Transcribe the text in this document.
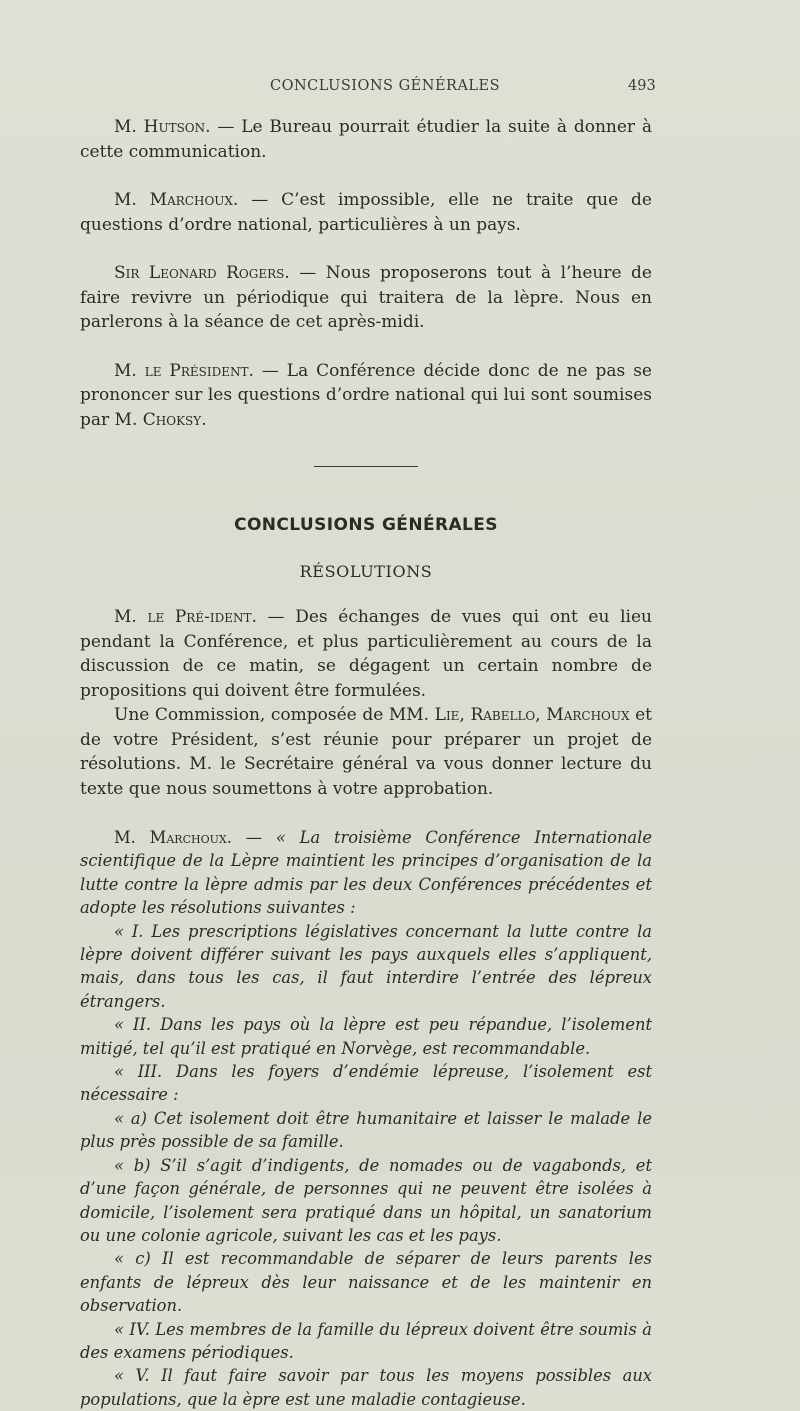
CONCLUSIONS GÉNÉRALES	493

M. Hutson. — Le Bureau pourrait étudier la suite à donner à cette communication.

M. Marchoux. — C’est impossible, elle ne traite que de questions d’ordre national, particulières à un pays.

Sir Leonard Rogers. — Nous proposerons tout à l’heure de faire revivre un périodique qui traitera de la lèpre. Nous en parlerons à la séance de cet après-midi.

M. le Président. — La Conférence décide donc de ne pas se prononcer sur les questions d’ordre national qui lui sont soumises par M. Choksy.

CONCLUSIONS GÉNÉRALES
RÉSOLUTIONS

M. le Pré-ident. — Des échanges de vues qui ont eu lieu pendant la Conférence, et plus particulièrement au cours de la discussion de ce matin, se dégagent un certain nombre de propositions qui doivent être formulées.

Une Commission, composée de MM. Lie, Rabello, Marchoux et de votre Président, s’est réunie pour préparer un projet de résolutions. M. le Secrétaire général va vous donner lecture du texte que nous soumettons à votre approbation.

M. Marchoux. — « La troisième Conférence Internationale scientifique de la Lèpre maintient les principes d’organisation de la lutte contre la lèpre admis par les deux Conférences précédentes et adopte les résolutions suivantes :

« I. Les prescriptions législatives concernant la lutte contre la lèpre doivent différer suivant les pays auxquels elles s’appliquent, mais, dans tous les cas, il faut interdire l’entrée des lépreux étrangers.

« II. Dans les pays où la lèpre est peu répandue, l’isolement mitigé, tel qu’il est pratiqué en Norvège, est recommandable.

« III. Dans les foyers d’endémie lépreuse, l’isolement est nécessaire :

« a) Cet isolement doit être humanitaire et laisser le malade le plus près possible de sa famille.

« b) S’il s’agit d’indigents, de nomades ou de vagabonds, et d’une façon générale, de personnes qui ne peuvent être isolées à domicile, l’isolement sera pratiqué dans un hôpital, un sanatorium ou une colonie agricole, suivant les cas et les pays.

« c) Il est recommandable de séparer de leurs parents les enfants de lépreux dès leur naissance et de les maintenir en observation.

« IV. Les membres de la famille du lépreux doivent être soumis à des examens périodiques.

« V. Il faut faire savoir par tous les moyens possibles aux populations, que la èpre est une maladie contagieuse.
